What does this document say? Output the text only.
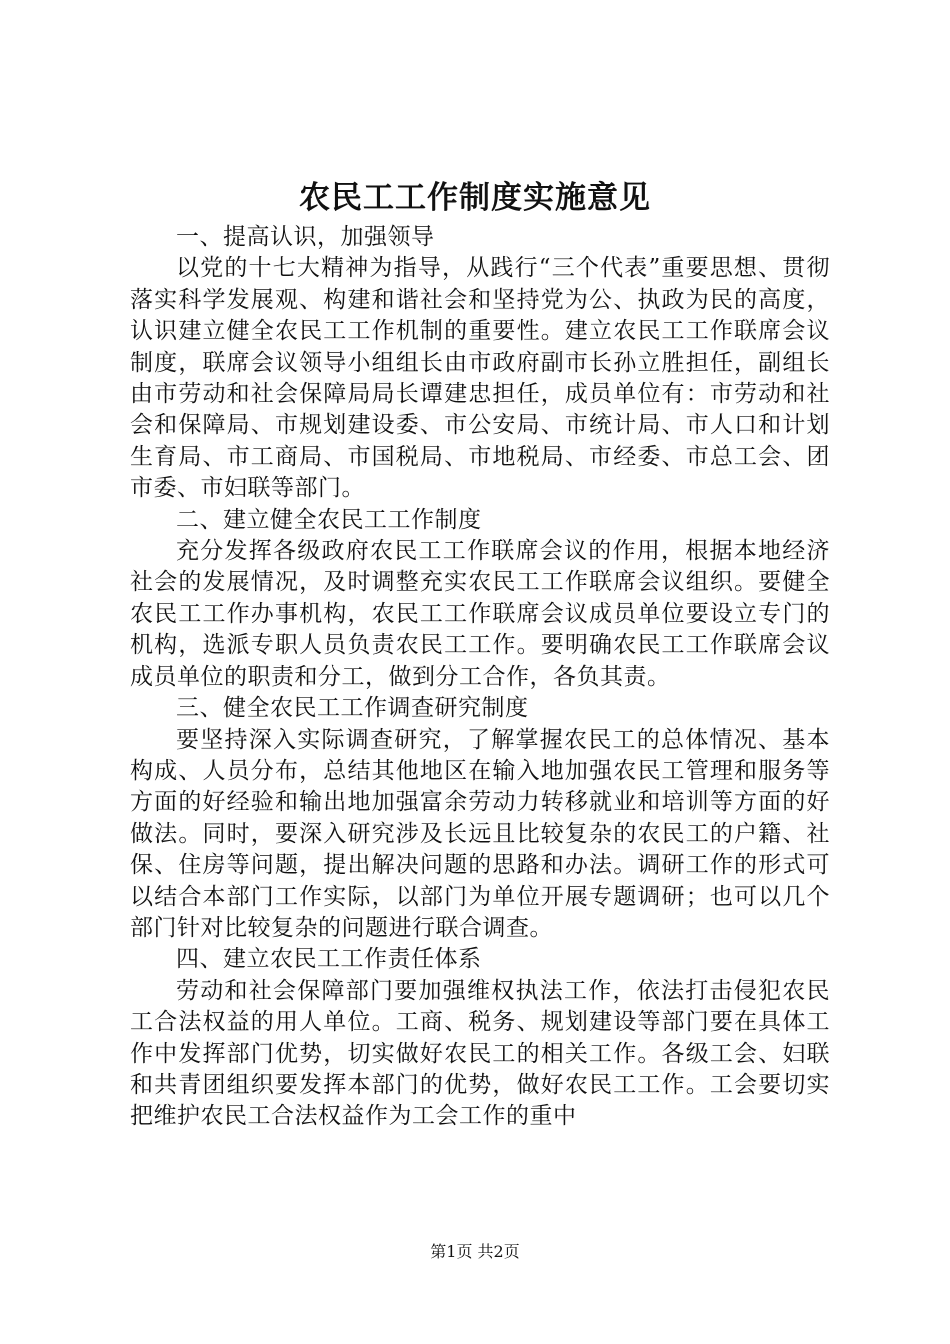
农民工工作制度实施意见

一、提高认识，加强领导

以党的十七大精神为指导，从践行“三个代表”重要思想、贯彻落实科学发展观、构建和谐社会和坚持党为公、执政为民的高度，认识建立健全农民工工作机制的重要性。建立农民工工作联席会议制度，联席会议领导小组组长由市政府副市长孙立胜担任，副组长由市劳动和社会保障局局长谭建忠担任，成员单位有：市劳动和社会和保障局、市规划建设委、市公安局、市统计局、市人口和计划生育局、市工商局、市国税局、市地税局、市经委、市总工会、团市委、市妇联等部门。

二、建立健全农民工工作制度

充分发挥各级政府农民工工作联席会议的作用，根据本地经济社会的发展情况，及时调整充实农民工工作联席会议组织。要健全农民工工作办事机构，农民工工作联席会议成员单位要设立专门的机构，选派专职人员负责农民工工作。要明确农民工工作联席会议成员单位的职责和分工，做到分工合作，各负其责。

三、健全农民工工作调查研究制度

要坚持深入实际调查研究，了解掌握农民工的总体情况、基本构成、人员分布，总结其他地区在输入地加强农民工管理和服务等方面的好经验和输出地加强富余劳动力转移就业和培训等方面的好做法。同时，要深入研究涉及长远且比较复杂的农民工的户籍、社保、住房等问题，提出解决问题的思路和办法。调研工作的形式可以结合本部门工作实际，以部门为单位开展专题调研；也可以几个部门针对比较复杂的问题进行联合调查。

四、建立农民工工作责任体系

劳动和社会保障部门要加强维权执法工作，依法打击侵犯农民工合法权益的用人单位。工商、税务、规划建设等部门要在具体工作中发挥部门优势，切实做好农民工的相关工作。各级工会、妇联和共青团组织要发挥本部门的优势，做好农民工工作。工会要切实把维护农民工合法权益作为工会工作的重中

第1页 共2页
